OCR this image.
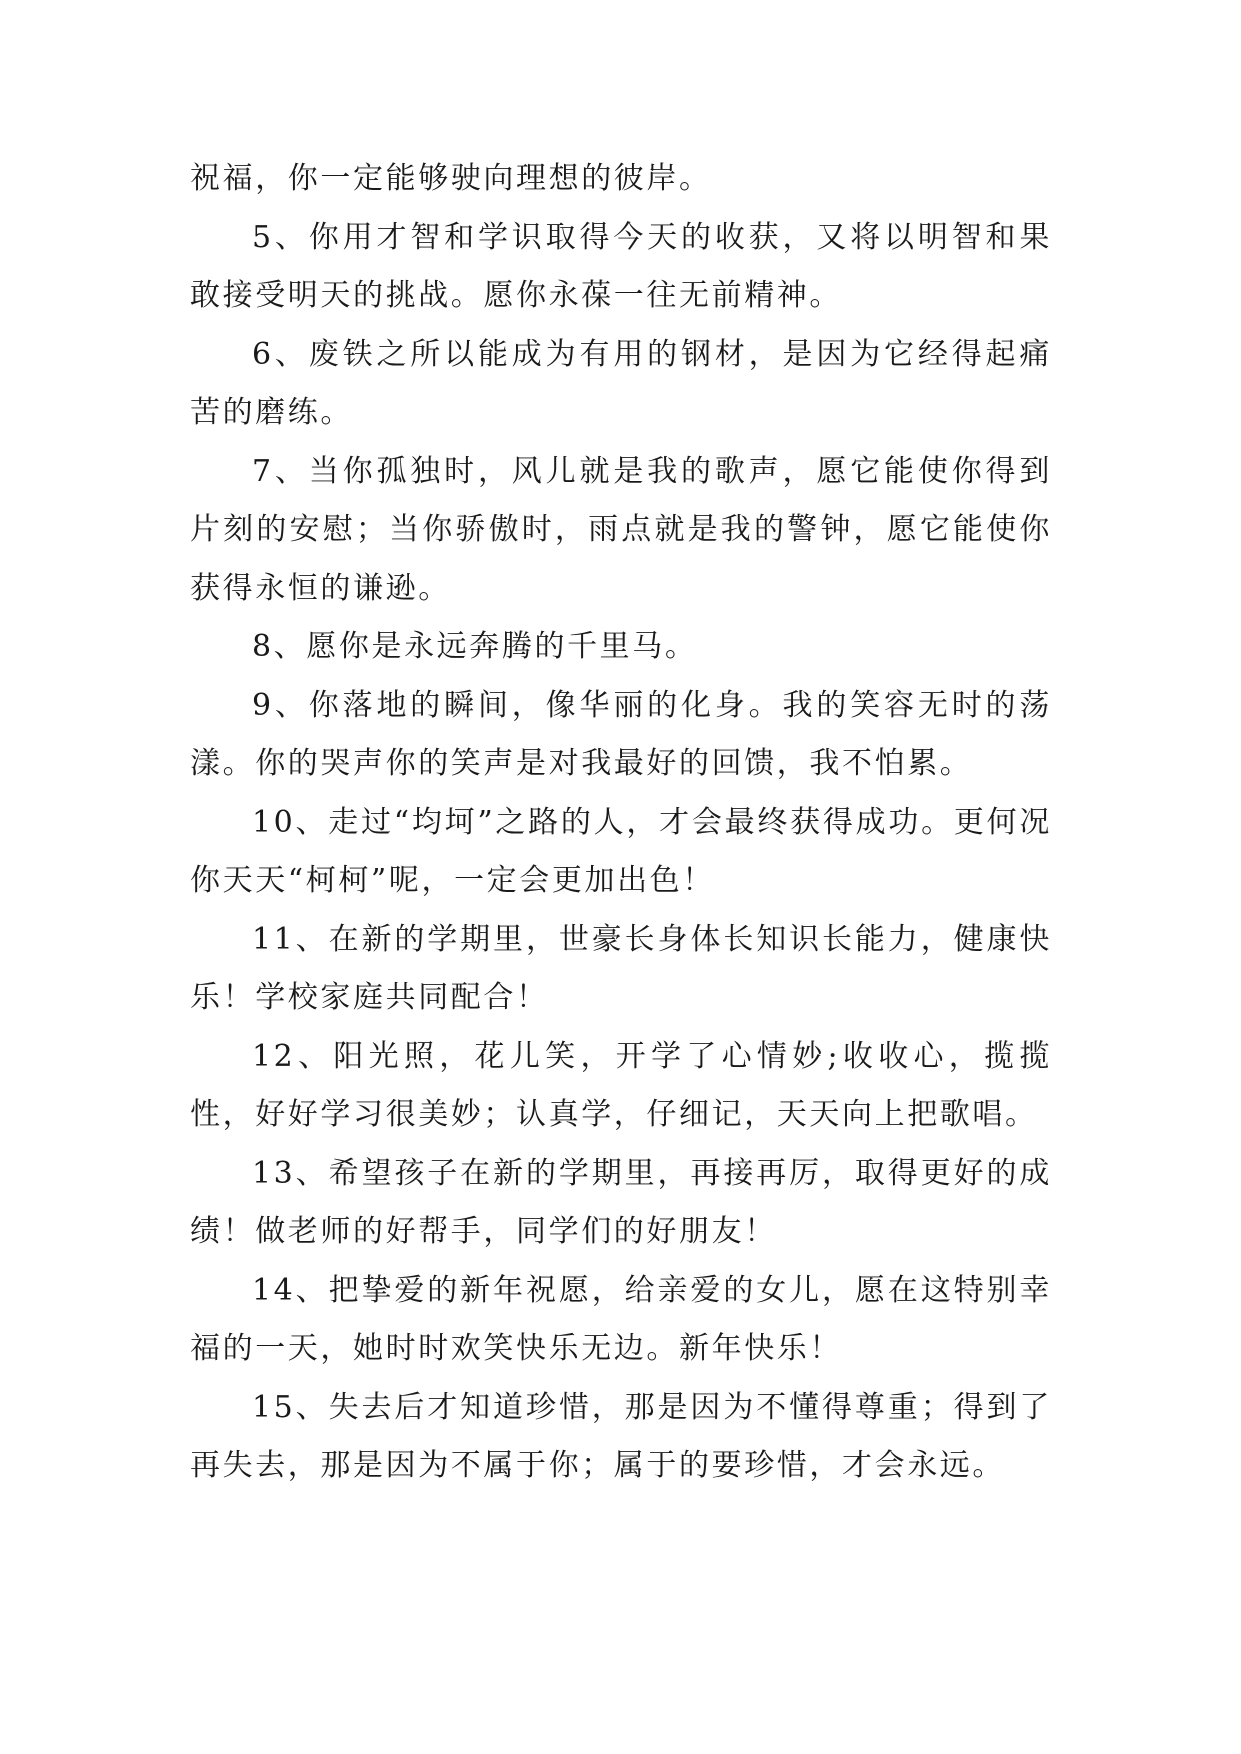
祝福，你一定能够驶向理想的彼岸。

5、你用才智和学识取得今天的收获，又将以明智和果敢接受明天的挑战。愿你永葆一往无前精神。

6、废铁之所以能成为有用的钢材，是因为它经得起痛苦的磨练。

7、当你孤独时，风儿就是我的歌声，愿它能使你得到片刻的安慰；当你骄傲时，雨点就是我的警钟，愿它能使你获得永恒的谦逊。

8、愿你是永远奔腾的千里马。

9、你落地的瞬间，像华丽的化身。我的笑容无时的荡漾。你的哭声你的笑声是对我最好的回馈，我不怕累。

10、走过“均坷”之路的人，才会最终获得成功。更何况你天天“柯柯”呢，一定会更加出色！

11、在新的学期里，世豪长身体长知识长能力，健康快乐！学校家庭共同配合！

12、阳光照，花儿笑，开学了心情妙;收收心，揽揽性，好好学习很美妙；认真学，仔细记，天天向上把歌唱。

13、希望孩子在新的学期里，再接再厉，取得更好的成绩！做老师的好帮手，同学们的好朋友！

14、把挚爱的新年祝愿，给亲爱的女儿，愿在这特别幸福的一天，她时时欢笑快乐无边。新年快乐！

15、失去后才知道珍惜，那是因为不懂得尊重；得到了再失去，那是因为不属于你；属于的要珍惜，才会永远。
